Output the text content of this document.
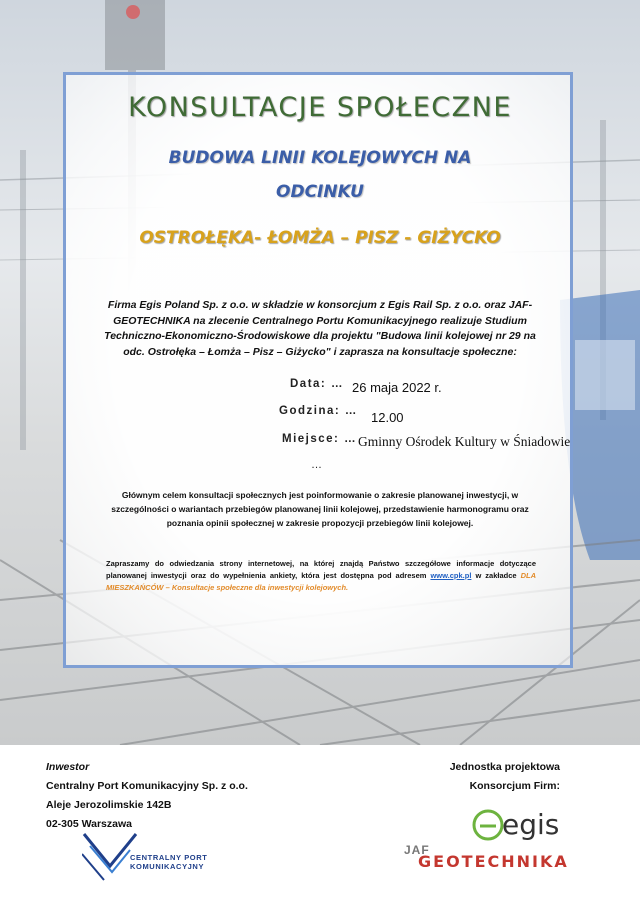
KONSULTACJE SPOŁECZNE
BUDOWA LINII KOLEJOWYCH NA
ODCINKU
OSTROŁĘKA- ŁOMŻA – PISZ - GIŻYCKO
Firma Egis Poland Sp. z o.o. w składzie w konsorcjum z Egis Rail Sp. z o.o. oraz JAF-GEOTECHNIKA na zlecenie Centralnego Portu Komunikacyjnego realizuje Studium Techniczno-Ekonomiczno-Środowiskowe dla projektu "Budowa linii kolejowej nr 29 na odc. Ostrołęka – Łomża – Pisz – Giżycko" i zaprasza na konsultacje społeczne:
Data: … 26 maja 2022 r.
Godzina: … 12.00
Miejsce: … Gminny Ośrodek Kultury w Śniadowie
…
Głównym celem konsultacji społecznych jest poinformowanie o zakresie planowanej inwestycji, w szczególności o wariantach przebiegów planowanej linii kolejowej, przedstawienie harmonogramu oraz poznania opinii społecznej w zakresie propozycji przebiegów linii kolejowej.
Zapraszamy do odwiedzania strony internetowej, na której znajdą Państwo szczegółowe informacje dotyczące planowanej inwestycji oraz do wypełnienia ankiety, która jest dostępna pod adresem www.cpk.pl w zakładce DLA MIESZKAŃCÓW – Konsultacje społeczne dla inwestycji kolejowych.
Inwestor
Centralny Port Komunikacyjny Sp. z o.o.
Aleje Jerozolimskie 142B
02-305 Warszawa
Jednostka projektowa
Konsorcjum Firm:
CENTRALNY PORT
KOMUNIKACYJNY
egis
JAF
GEOTECHNIKA
